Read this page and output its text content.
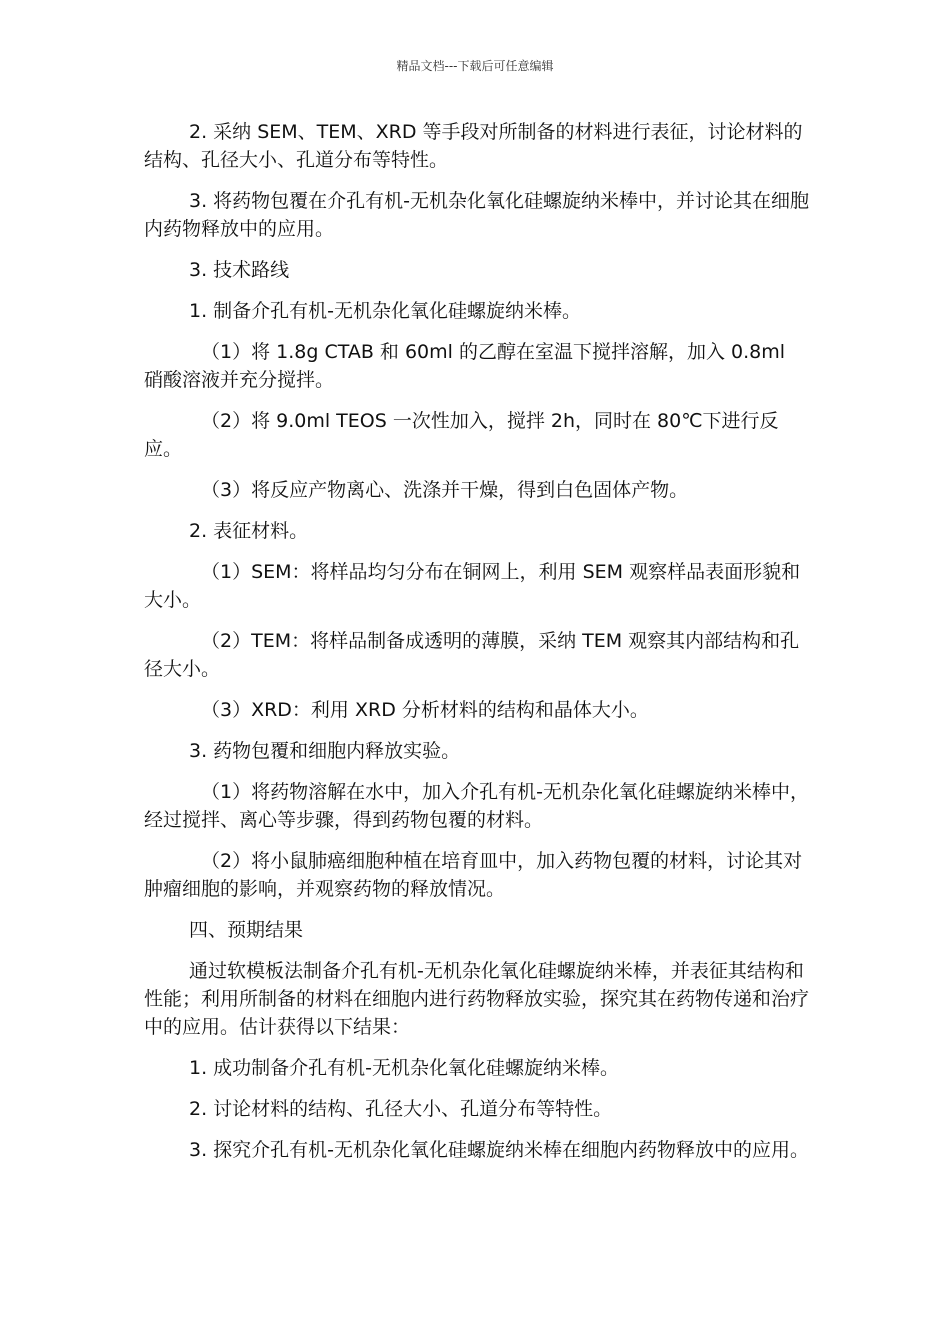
精品文档---下载后可任意编辑

2. 采纳 SEM、TEM、XRD 等手段对所制备的材料进行表征，讨论材料的结构、孔径大小、孔道分布等特性。

3. 将药物包覆在介孔有机-无机杂化氧化硅螺旋纳米棒中，并讨论其在细胞内药物释放中的应用。

3. 技术路线

1. 制备介孔有机-无机杂化氧化硅螺旋纳米棒。

（1）将 1.8g CTAB 和 60ml 的乙醇在室温下搅拌溶解，加入 0.8ml 硝酸溶液并充分搅拌。

（2）将 9.0ml TEOS 一次性加入，搅拌 2h，同时在 80℃下进行反应。

（3）将反应产物离心、洗涤并干燥，得到白色固体产物。

2. 表征材料。

（1）SEM：将样品均匀分布在铜网上，利用 SEM 观察样品表面形貌和大小。

（2）TEM：将样品制备成透明的薄膜，采纳 TEM 观察其内部结构和孔径大小。

（3）XRD：利用 XRD 分析材料的结构和晶体大小。

3. 药物包覆和细胞内释放实验。

（1）将药物溶解在水中，加入介孔有机-无机杂化氧化硅螺旋纳米棒中，经过搅拌、离心等步骤，得到药物包覆的材料。

（2）将小鼠肺癌细胞种植在培育皿中，加入药物包覆的材料，讨论其对肿瘤细胞的影响，并观察药物的释放情况。

四、预期结果

通过软模板法制备介孔有机-无机杂化氧化硅螺旋纳米棒，并表征其结构和性能；利用所制备的材料在细胞内进行药物释放实验，探究其在药物传递和治疗中的应用。估计获得以下结果：

1. 成功制备介孔有机-无机杂化氧化硅螺旋纳米棒。

2. 讨论材料的结构、孔径大小、孔道分布等特性。

3. 探究介孔有机-无机杂化氧化硅螺旋纳米棒在细胞内药物释放中的应用。
